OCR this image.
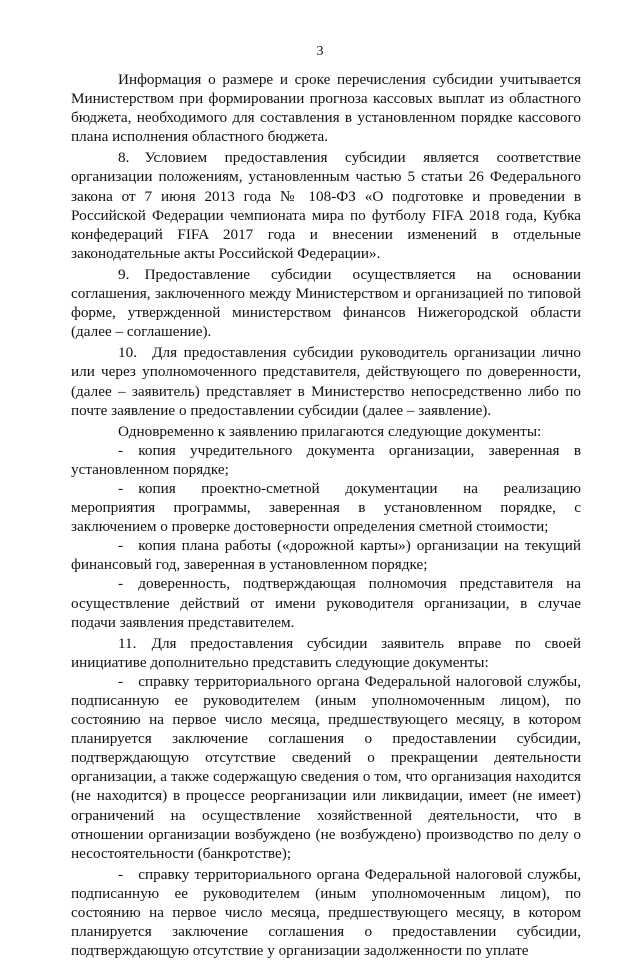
3

Информация о размере и сроке перечисления субсидии учитывается Министерством при формировании прогноза кассовых выплат из областного бюджета, необходимого для составления в установленном порядке кассового плана исполнения областного бюджета.

8. Условием предоставления субсидии является соответствие организации положениям, установленным частью 5 статьи 26 Федерального закона от 7 июня 2013 года № 108-ФЗ «О подготовке и проведении в Российской Федерации чемпионата мира по футболу FIFA 2018 года, Кубка конфедераций FIFA 2017 года и внесении изменений в отдельные законодательные акты Российской Федерации».

9. Предоставление субсидии осуществляется на основании соглашения, заключенного между Министерством и организацией по типовой форме, утвержденной министерством финансов Нижегородской области (далее – соглашение).

10. Для предоставления субсидии руководитель организации лично или через уполномоченного представителя, действующего по доверенности, (далее – заявитель) представляет в Министерство непосредственно либо по почте заявление о предоставлении субсидии (далее – заявление).

Одновременно к заявлению прилагаются следующие документы:

- копия учредительного документа организации, заверенная в установленном порядке;

- копия проектно-сметной документации на реализацию мероприятия программы, заверенная в установленном порядке, с заключением о проверке достоверности определения сметной стоимости;

- копия плана работы («дорожной карты») организации на текущий финансовый год, заверенная в установленном порядке;

- доверенность, подтверждающая полномочия представителя на осуществление действий от имени руководителя организации, в случае подачи заявления представителем.

11. Для предоставления субсидии заявитель вправе по своей инициативе дополнительно представить следующие документы:

- справку территориального органа Федеральной налоговой службы, подписанную ее руководителем (иным уполномоченным лицом), по состоянию на первое число месяца, предшествующего месяцу, в котором планируется заключение соглашения о предоставлении субсидии, подтверждающую отсутствие сведений о прекращении деятельности организации, а также содержащую сведения о том, что организация находится (не находится) в процессе реорганизации или ликвидации, имеет (не имеет) ограничений на осуществление хозяйственной деятельности, что в отношении организации возбуждено (не возбуждено) производство по делу о несостоятельности (банкротстве);

- справку территориального органа Федеральной налоговой службы, подписанную ее руководителем (иным уполномоченным лицом), по состоянию на первое число месяца, предшествующего месяцу, в котором планируется заключение соглашения о предоставлении субсидии, подтверждающую отсутствие у организации задолженности по уплате
